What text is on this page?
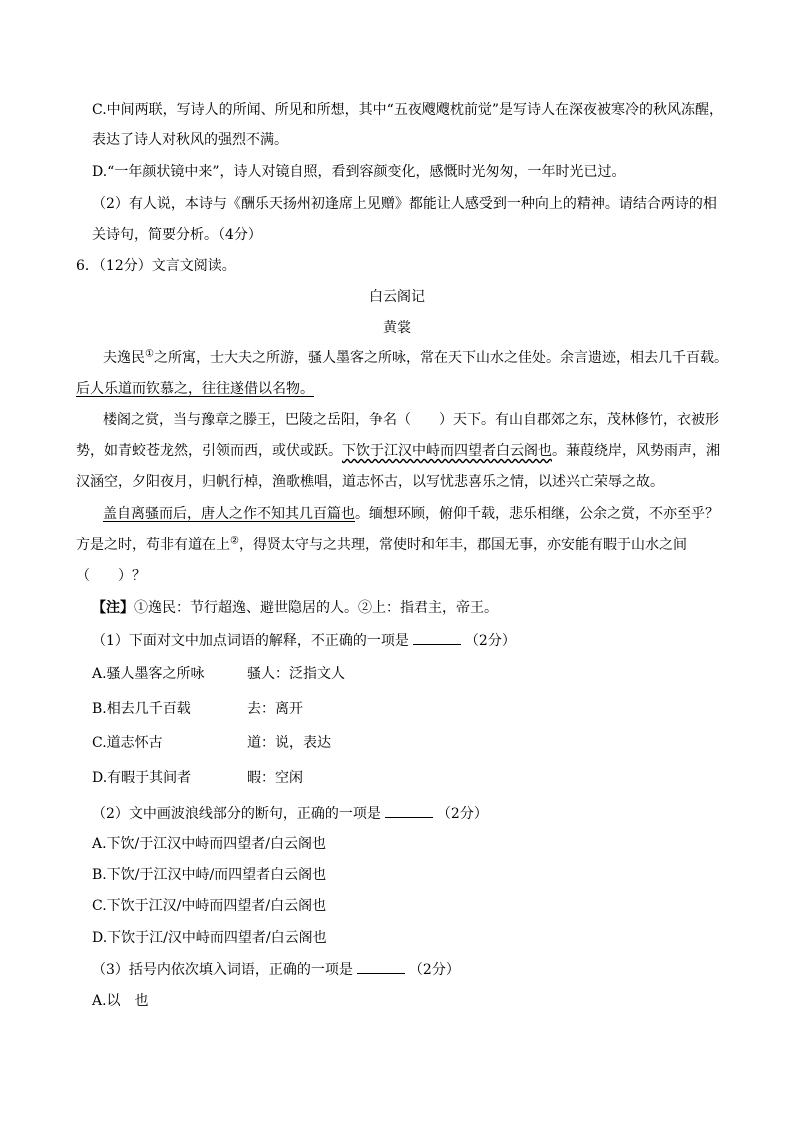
C.中间两联，写诗人的所闻、所见和所想，其中“五夜飕飕枕前觉”是写诗人在深夜被寒冷的秋风冻醒，
表达了诗人对秋风的强烈不满。
D.“一年颜状镜中来”，诗人对镜自照，看到容颜变化，感慨时光匆匆，一年时光已过。
（2）有人说，本诗与《酬乐天扬州初逢席上见赠》都能让人感受到一种向上的精神。请结合两诗的相
关诗句，简要分析。（4分）
6．（12分）文言文阅读。
白云阁记
黄裳
夫逸民①之所寓，士大夫之所游，骚人墨客之所咏，常在天下山水之佳处。余言遗迹，相去几千百载。
后人乐道而钦慕之，往往遂借以名物。
楼阁之赏，当与豫章之滕王，巴陵之岳阳，争名（　　）天下。有山自郡郊之东，茂林修竹，衣被形
势，如青蛟苍龙然，引领而西，或伏或跃。下饮于江汉中峙而四望者白云阁也。蒹葭绕岸，风势雨声，湘
汉涵空，夕阳夜月，归帆行棹，渔歌樵唱，道志怀古，以写忧悲喜乐之情，以述兴亡荣辱之故。
盖自离骚而后，唐人之作不知其几百篇也。缅想环顾，俯仰千载，悲乐相继，公余之赏，不亦至乎？
方是之时，苟非有道在上②，得贤太守与之共理，常使时和年丰，郡国无事，亦安能有暇于山水之间
（　　）？
【注】①逸民：节行超逸、避世隐居的人。②上：指君主，帝王。
（1）下面对文中加点词语的解释，不正确的一项是	（2分）
A.骚人墨客之所咏	骚人：泛指文人
B.相去几千百载	去：离开
C.道志怀古	道：说，表达
D.有暇于其间者	暇：空闲
（2）文中画波浪线部分的断句，正确的一项是	（2分）
A.下饮/于江汉中峙而四望者/白云阁也
B.下饮/于江汉中峙/而四望者白云阁也
C.下饮于江汉/中峙而四望者/白云阁也
D.下饮于江/汉中峙而四望者/白云阁也
（3）括号内依次填入词语，正确的一项是	（2分）
A.以　也
